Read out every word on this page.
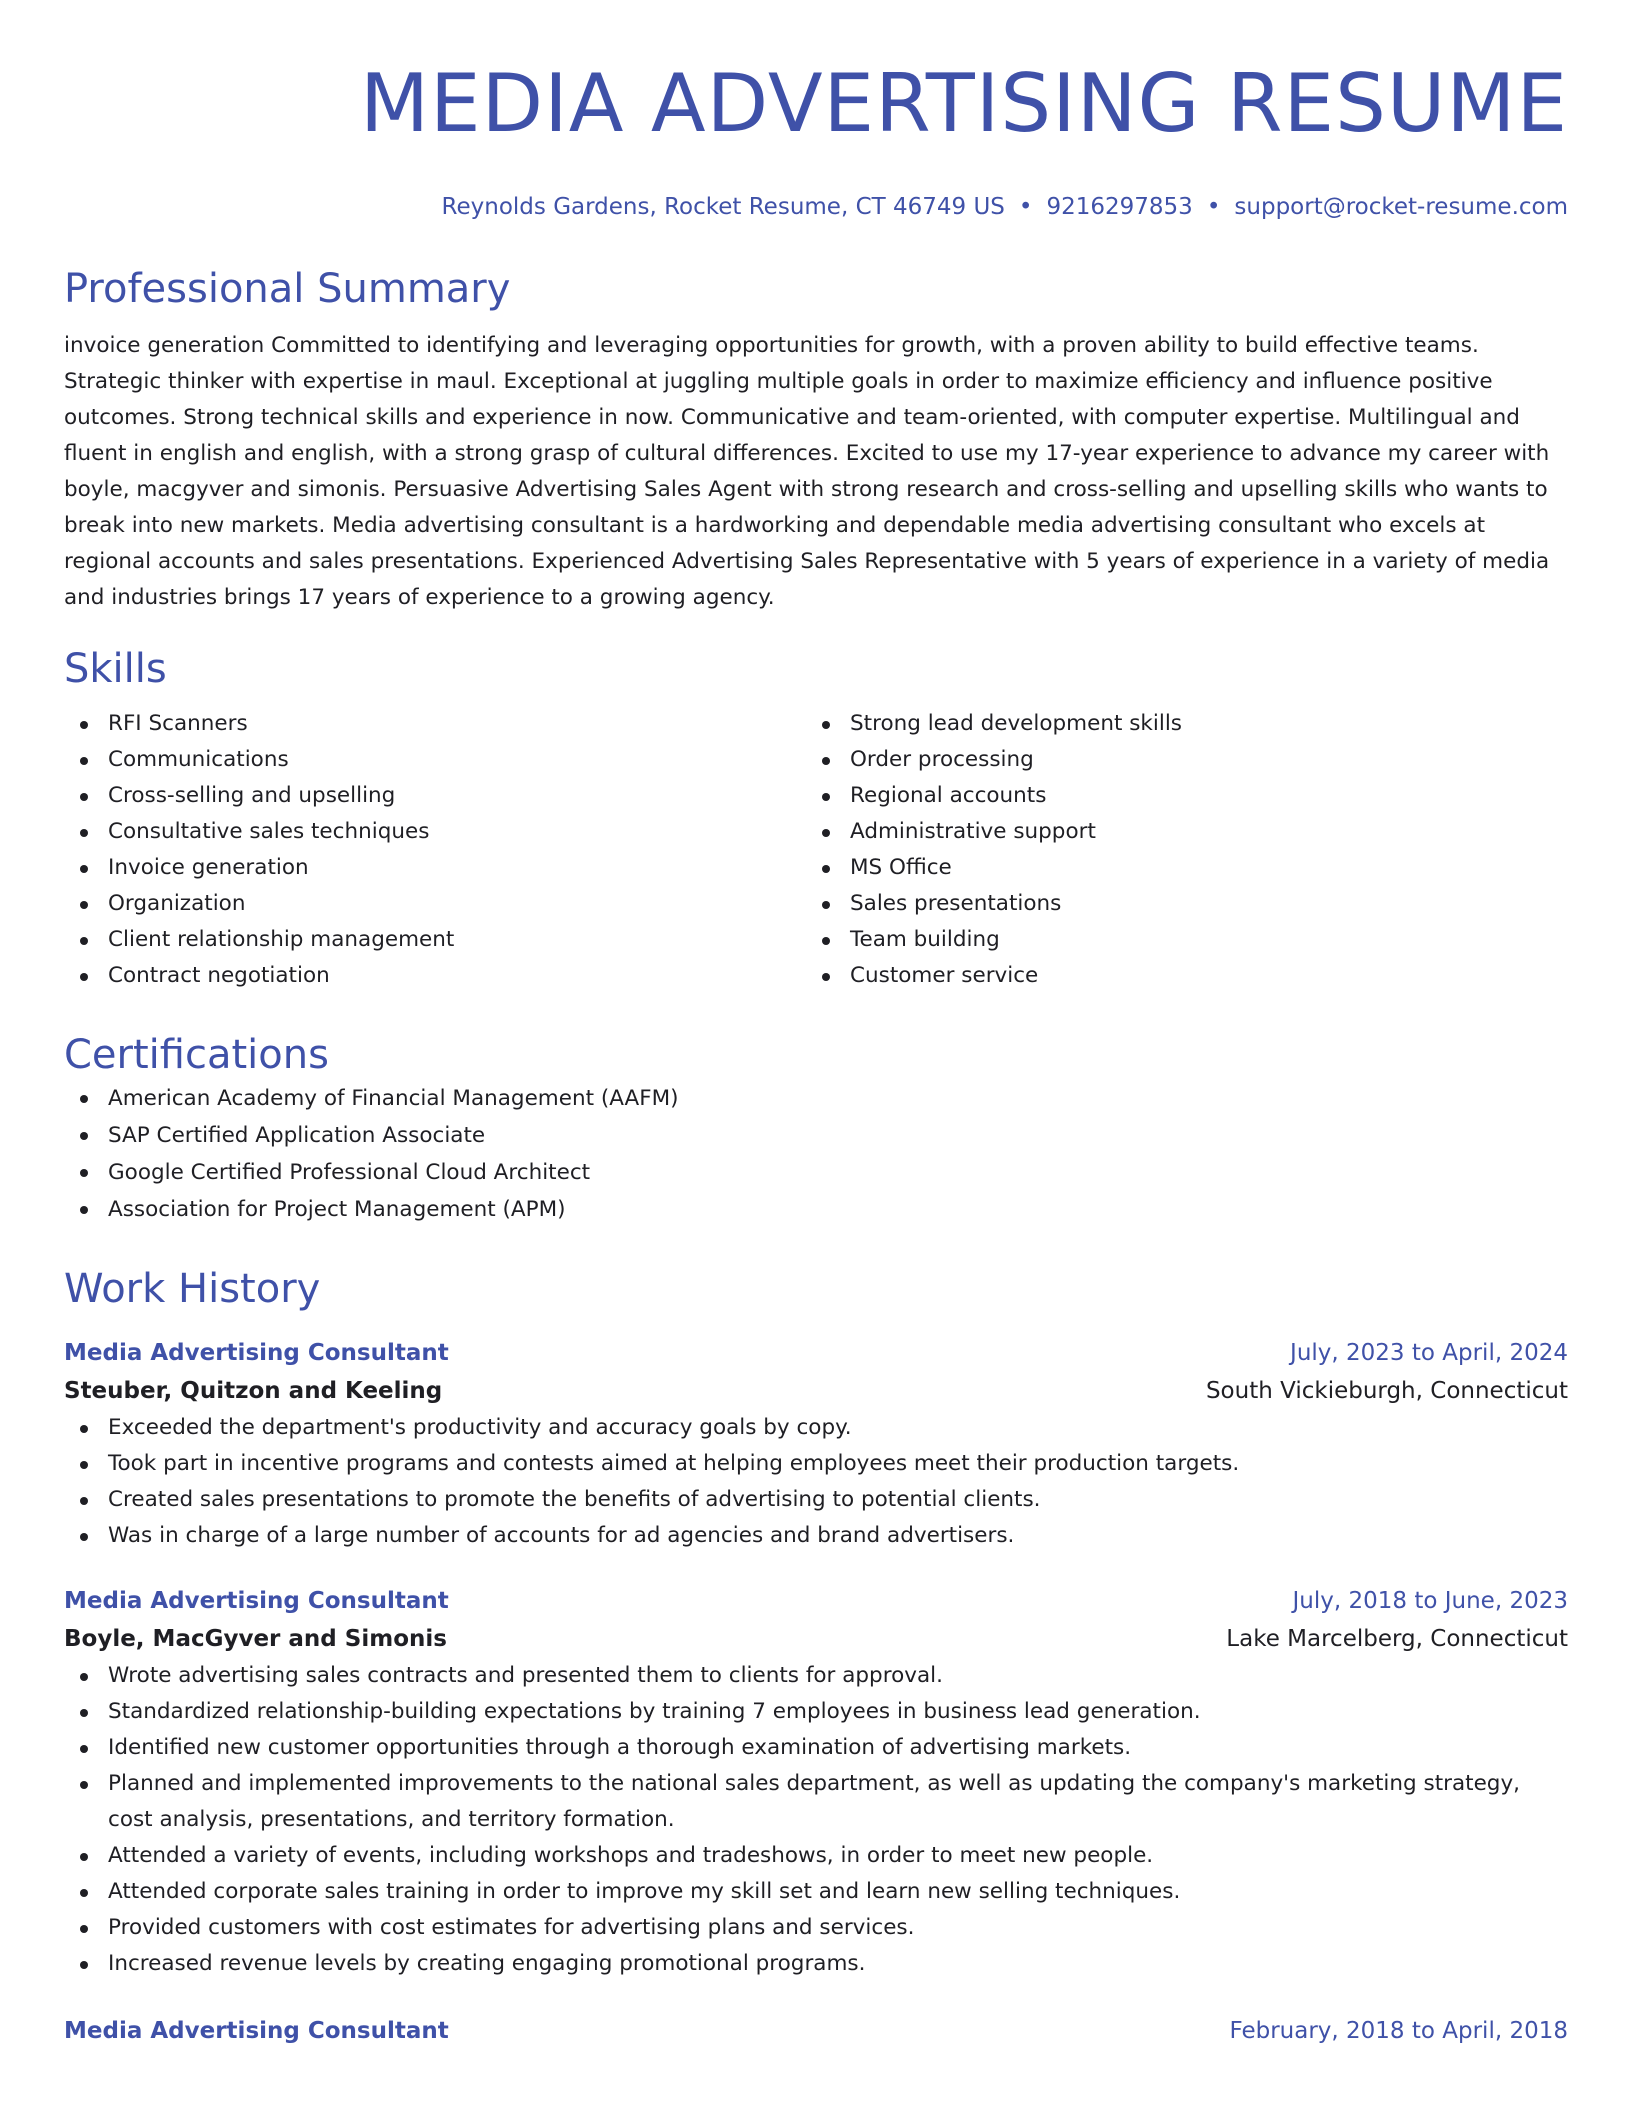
MEDIA ADVERTISING RESUME
Reynolds Gardens, Rocket Resume, CT 46749 US • 9216297853 • support@rocket-resume.com
Professional Summary

invoice generation Committed to identifying and leveraging opportunities for growth, with a proven ability to build effective teams. Strategic thinker with expertise in maul. Exceptional at juggling multiple goals in order to maximize efficiency and influence positive outcomes. Strong technical skills and experience in now. Communicative and team-oriented, with computer expertise. Multilingual and fluent in english and english, with a strong grasp of cultural differences. Excited to use my 17-year experience to advance my career with boyle, macgyver and simonis. Persuasive Advertising Sales Agent with strong research and cross-selling and upselling skills who wants to break into new markets. Media advertising consultant is a hardworking and dependable media advertising consultant who excels at regional accounts and sales presentations. Experienced Advertising Sales Representative with 5 years of experience in a variety of media and industries brings 17 years of experience to a growing agency.

Skills
RFI Scanners
Communications
Cross-selling and upselling
Consultative sales techniques
Invoice generation
Organization
Client relationship management
Contract negotiation
Strong lead development skills
Order processing
Regional accounts
Administrative support
MS Office
Sales presentations
Team building
Customer service
Certifications
American Academy of Financial Management (AAFM)
SAP Certified Application Associate
Google Certified Professional Cloud Architect
Association for Project Management (APM)
Work History
Media Advertising Consultant	July, 2023 to April, 2024
Steuber, Quitzon and Keeling	South Vickieburgh, Connecticut
Exceeded the department's productivity and accuracy goals by copy.
Took part in incentive programs and contests aimed at helping employees meet their production targets.
Created sales presentations to promote the benefits of advertising to potential clients.
Was in charge of a large number of accounts for ad agencies and brand advertisers.
Media Advertising Consultant	July, 2018 to June, 2023
Boyle, MacGyver and Simonis	Lake Marcelberg, Connecticut
Wrote advertising sales contracts and presented them to clients for approval.
Standardized relationship-building expectations by training 7 employees in business lead generation.
Identified new customer opportunities through a thorough examination of advertising markets.
Planned and implemented improvements to the national sales department, as well as updating the company's marketing strategy, cost analysis, presentations, and territory formation.
Attended a variety of events, including workshops and tradeshows, in order to meet new people.
Attended corporate sales training in order to improve my skill set and learn new selling techniques.
Provided customers with cost estimates for advertising plans and services.
Increased revenue levels by creating engaging promotional programs.
Media Advertising Consultant	February, 2018 to April, 2018
